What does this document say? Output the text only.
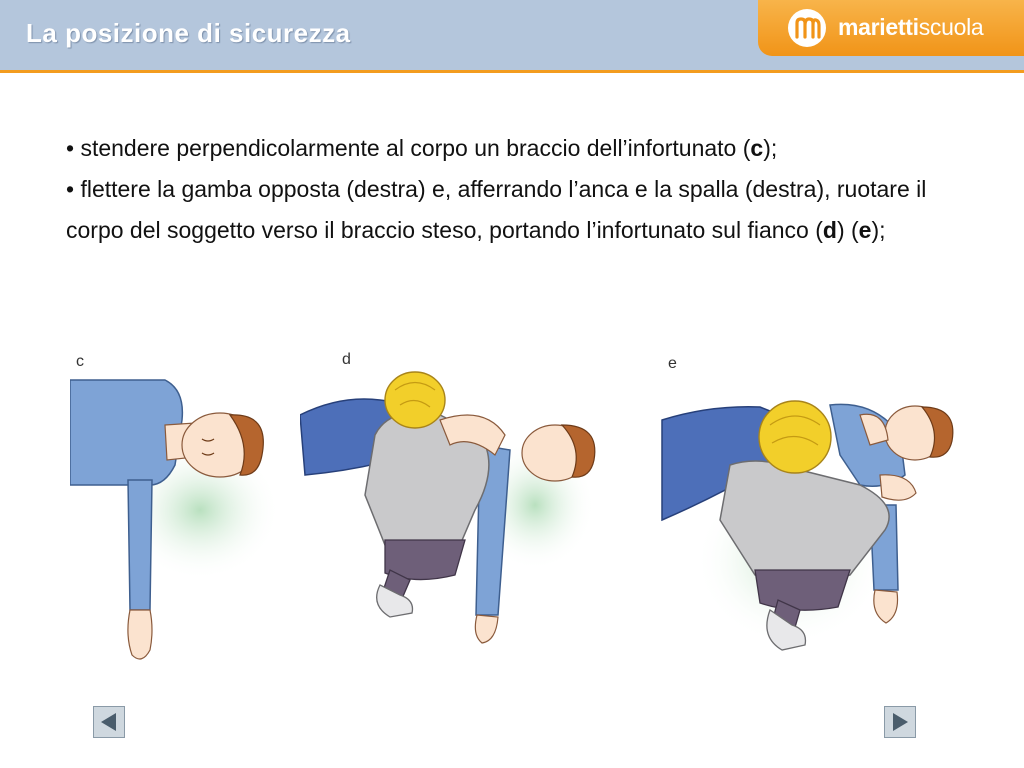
La posizione di sicurezza	mariettiscuola
• stendere perpendicolarmente al corpo un braccio dell’infortunato (c);
• flettere la gamba opposta (destra) e, afferrando l’anca e la spalla (destra), ruotare il corpo del soggetto verso il braccio steso, portando l’infortunato sul fianco (d) (e);
c	d	e
